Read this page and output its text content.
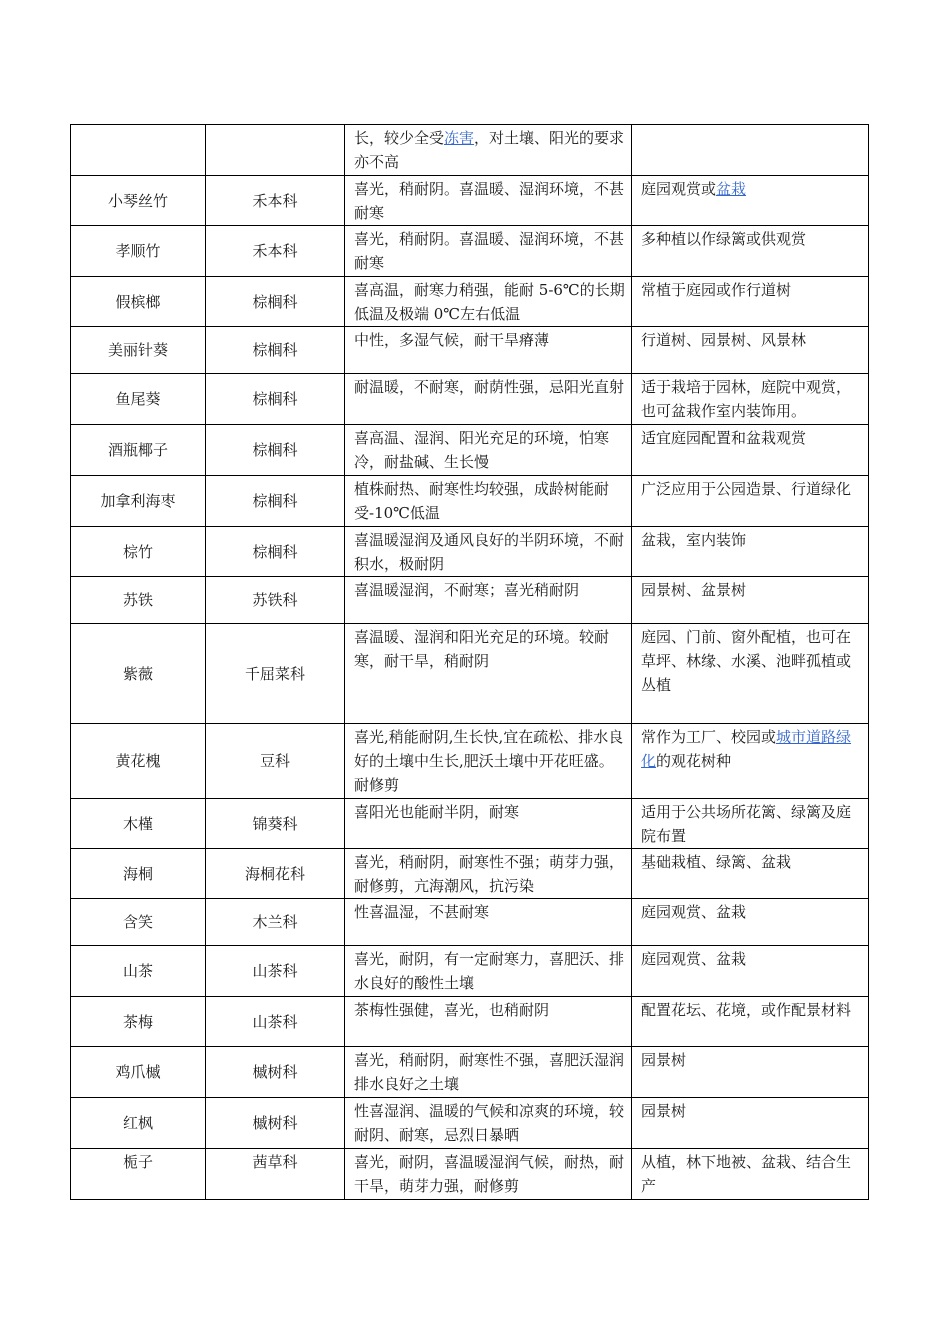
		长，较少全受冻害，对土壤、阳光的要求亦不高	
小琴丝竹	禾本科	喜光，稍耐阴。喜温暖、湿润环境，不甚耐寒	庭园观赏或盆栽
孝顺竹	禾本科	喜光，稍耐阴。喜温暖、湿润环境，不甚耐寒	多种植以作绿篱或供观赏
假槟榔	棕榈科	喜高温，耐寒力稍强，能耐 5-6℃的长期低温及极端 0℃左右低温	常植于庭园或作行道树
美丽针葵	棕榈科	中性，多湿气候，耐干旱瘠薄	行道树、园景树、风景林
鱼尾葵	棕榈科	耐温暖，不耐寒，耐荫性强，忌阳光直射	适于栽培于园林，庭院中观赏，也可盆栽作室内装饰用。
酒瓶椰子	棕榈科	喜高温、湿润、阳光充足的环境，怕寒冷，耐盐碱、生长慢	适宜庭园配置和盆栽观赏
加拿利海枣	棕榈科	植株耐热、耐寒性均较强，成龄树能耐受-10℃低温	广泛应用于公园造景、行道绿化
棕竹	棕榈科	喜温暖湿润及通风良好的半阴环境，不耐积水，极耐阴	盆栽，室内装饰
苏铁	苏铁科	喜温暖湿润，不耐寒；喜光稍耐阴	园景树、盆景树
紫薇	千屈菜科	喜温暖、湿润和阳光充足的环境。较耐寒，耐干旱，稍耐阴	庭园、门前、窗外配植，也可在草坪、林缘、水溪、池畔孤植或丛植
黄花槐	豆科	喜光,稍能耐阴,生长快,宜在疏松、排水良好的土壤中生长,肥沃土壤中开花旺盛。耐修剪	常作为工厂、校园或城市道路绿化的观花树种
木槿	锦葵科	喜阳光也能耐半阴，耐寒	适用于公共场所花篱、绿篱及庭院布置
海桐	海桐花科	喜光，稍耐阴，耐寒性不强；萌芽力强，耐修剪，亢海潮风，抗污染	基础栽植、绿篱、盆栽
含笑	木兰科	性喜温湿，不甚耐寒	庭园观赏、盆栽
山茶	山茶科	喜光，耐阴，有一定耐寒力，喜肥沃、排水良好的酸性土壤	庭园观赏、盆栽
茶梅	山茶科	茶梅性强健，喜光，也稍耐阴	配置花坛、花境，或作配景材料
鸡爪槭	槭树科	喜光，稍耐阴，耐寒性不强，喜肥沃湿润排水良好之土壤	园景树
红枫	槭树科	性喜湿润、温暖的气候和凉爽的环境，较耐阴、耐寒，忌烈日暴晒	园景树
栀子	茜草科	喜光，耐阴，喜温暖湿润气候，耐热，耐干旱，萌芽力强，耐修剪	从植，林下地被、盆栽、结合生产
